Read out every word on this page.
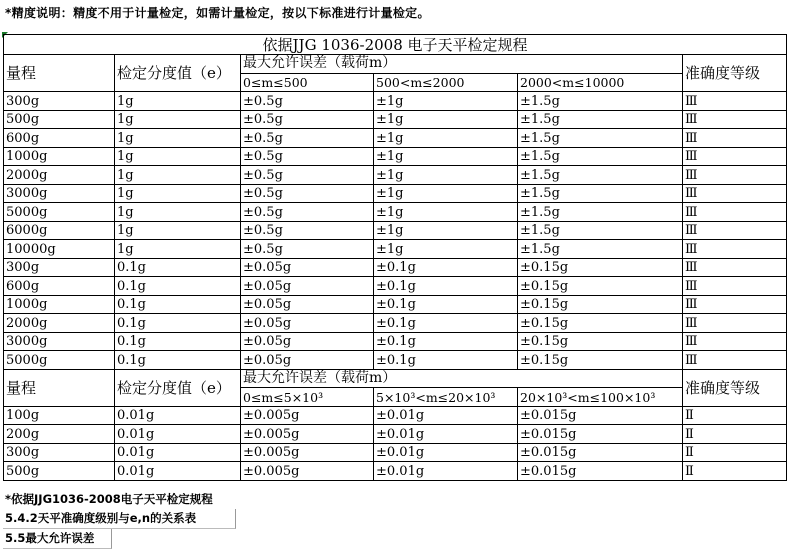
*精度说明：精度不用于计量检定，如需计量检定，按以下标准进行计量检定。
依据JJG 1036-2008 电子天平检定规程					
量程	检定分度值（e）	最大允许误差（载荷m）			准确度等级
		0≤m≤500	500<m≤2000	2000<m≤10000	
300g	1g	±0.5g	±1g	±1.5g	Ⅲ
500g	1g	±0.5g	±1g	±1.5g	Ⅲ
600g	1g	±0.5g	±1g	±1.5g	Ⅲ
1000g	1g	±0.5g	±1g	±1.5g	Ⅲ
2000g	1g	±0.5g	±1g	±1.5g	Ⅲ
3000g	1g	±0.5g	±1g	±1.5g	Ⅲ
5000g	1g	±0.5g	±1g	±1.5g	Ⅲ
6000g	1g	±0.5g	±1g	±1.5g	Ⅲ
10000g	1g	±0.5g	±1g	±1.5g	Ⅲ
300g	0.1g	±0.05g	±0.1g	±0.15g	Ⅲ
600g	0.1g	±0.05g	±0.1g	±0.15g	Ⅲ
1000g	0.1g	±0.05g	±0.1g	±0.15g	Ⅲ
2000g	0.1g	±0.05g	±0.1g	±0.15g	Ⅲ
3000g	0.1g	±0.05g	±0.1g	±0.15g	Ⅲ
5000g	0.1g	±0.05g	±0.1g	±0.15g	Ⅲ
量程	检定分度值（e）	最大允许误差（载荷m）			准确度等级
		0≤m≤5×10³	5×10³<m≤20×10³	20×10³<m≤100×10³	
100g	0.01g	±0.005g	±0.01g	±0.015g	Ⅱ
200g	0.01g	±0.005g	±0.01g	±0.015g	Ⅱ
300g	0.01g	±0.005g	±0.01g	±0.015g	Ⅱ
500g	0.01g	±0.005g	±0.01g	±0.015g	Ⅱ
*依据JJG1036-2008电子天平检定规程
5.4.2天平准确度级别与e,n的关系表
5.5最大允许误差
